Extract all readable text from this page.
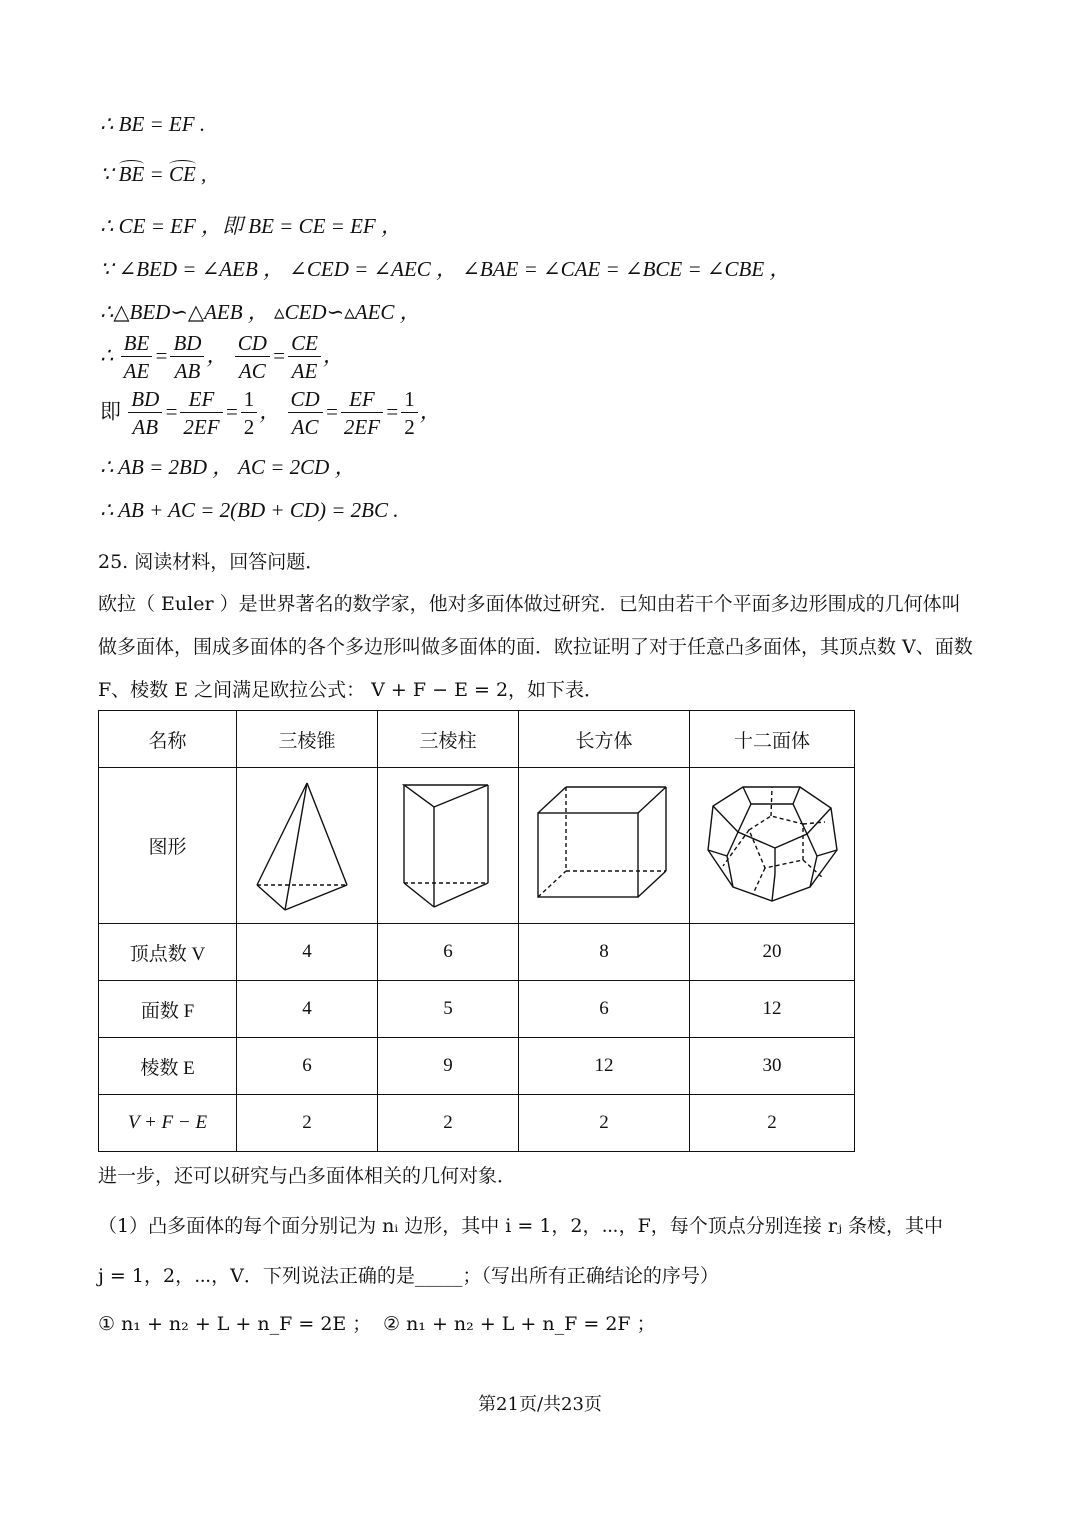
∴ BE = EF .
∵ BE = CE ,
∴ CE = EF ，即 BE = CE = EF ，
∵ ∠BED = ∠AEB ， ∠CED = ∠AEC ， ∠BAE = ∠CAE = ∠BCE = ∠CBE ，
∴△BED∽△AEB ， ▵CED∽▵AEC ，
∴ $\frac{BE}{AE} = \frac{BD}{AB}$ ， $\frac{CD}{AC} = \frac{CE}{AE}$ ，
即 $\frac{BD}{AB} = \frac{EF}{2EF} = \frac{1}{2}$ ， $\frac{CD}{AC} = \frac{EF}{2EF} = \frac{1}{2}$ ，
∴ AB = 2BD ， AC = 2CD ，
∴ AB + AC = 2(BD + CD) = 2BC .
25. 阅读材料，回答问题．
欧拉（ Euler ）是世界著名的数学家，他对多面体做过研究．已知由若干个平面多边形围成的几何体叫做多面体，围成多面体的各个多边形叫做多面体的面．欧拉证明了对于任意凸多面体，其顶点数 V、面数 F、棱数 E 之间满足欧拉公式： V + F − E = 2，如下表．
名称	三棱锥	三棱柱	长方体	十二面体
图形				
顶点数 V	4	6	8	20
面数 F	4	5	6	12
棱数 E	6	9	12	30
V + F − E	2	2	2	2
进一步，还可以研究与凸多面体相关的几何对象．
（1）凸多面体的每个面分别记为 nᵢ 边形，其中 i = 1，2，⋯，F，每个顶点分别连接 rⱼ 条棱，其中
j = 1，2，⋯，V．下列说法正确的是_____；（写出所有正确结论的序号）
① n₁ + n₂ + L + n_F = 2E ； ② n₁ + n₂ + L + n_F = 2F ；
第21页/共23页
